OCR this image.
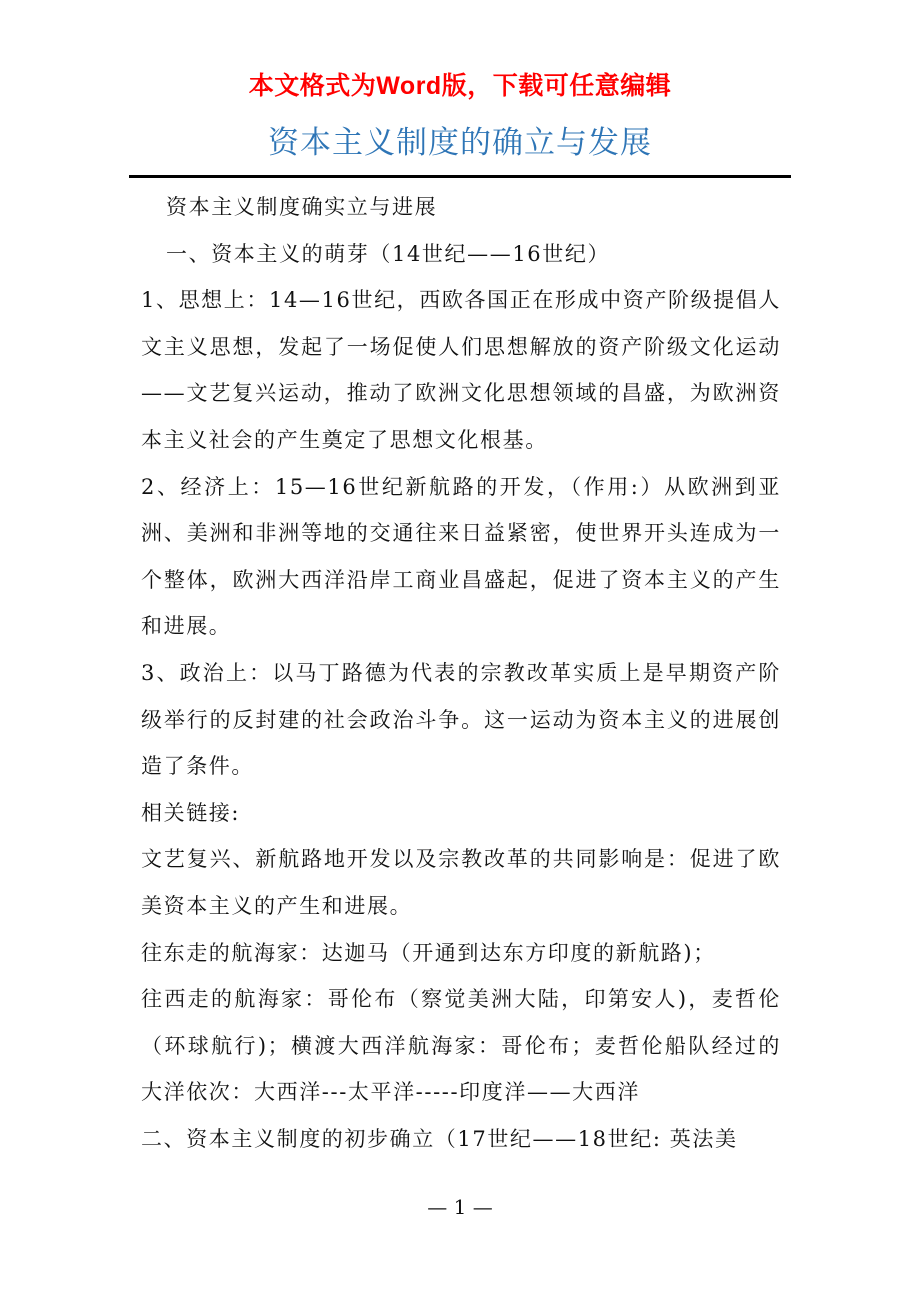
本文格式为Word版，下载可任意编辑
资本主义制度的确立与发展

资本主义制度确实立与进展

一、资本主义的萌芽（14世纪——16世纪）

1、思想上：14—16世纪，西欧各国正在形成中资产阶级提倡人文主义思想，发起了一场促使人们思想解放的资产阶级文化运动——文艺复兴运动，推动了欧洲文化思想领域的昌盛，为欧洲资本主义社会的产生奠定了思想文化根基。

2、经济上：15—16世纪新航路的开发，（作用:）从欧洲到亚洲、美洲和非洲等地的交通往来日益紧密，使世界开头连成为一个整体，欧洲大西洋沿岸工商业昌盛起，促进了资本主义的产生和进展。

3、政治上：以马丁路德为代表的宗教改革实质上是早期资产阶级举行的反封建的社会政治斗争。这一运动为资本主义的进展创造了条件。

相关链接:

文艺复兴、新航路地开发以及宗教改革的共同影响是：促进了欧美资本主义的产生和进展。

往东走的航海家：达迦马（开通到达东方印度的新航路)；

往西走的航海家：哥伦布（察觉美洲大陆，印第安人)，麦哲伦（环球航行)；横渡大西洋航海家：哥伦布；麦哲伦船队经过的大洋依次：大西洋---太平洋-----印度洋——大西洋

二、资本主义制度的初步确立（17世纪——18世纪: 英法美

— 1 —
